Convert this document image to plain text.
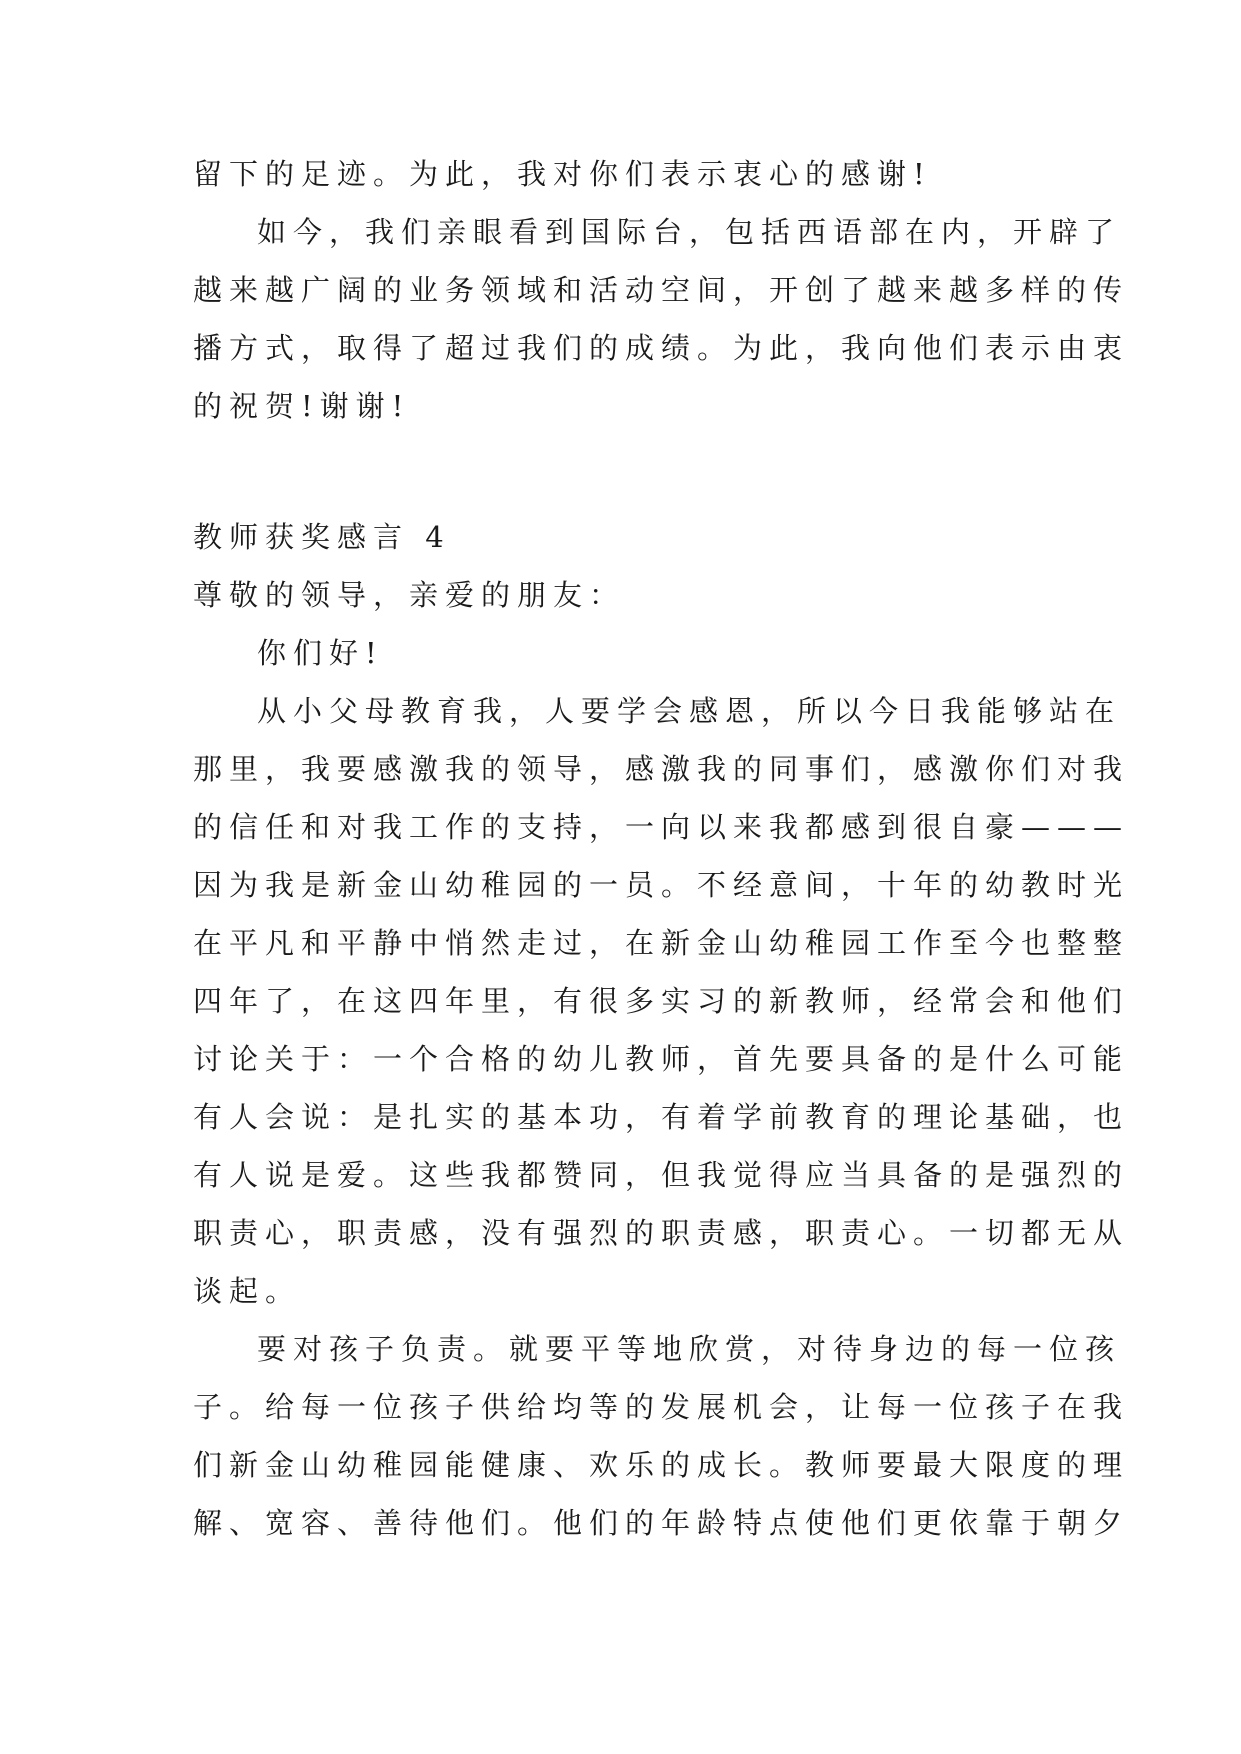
留下的足迹。为此，我对你们表示衷心的感谢!
如今，我们亲眼看到国际台，包括西语部在内，开辟了
越来越广阔的业务领域和活动空间，开创了越来越多样的传
播方式，取得了超过我们的成绩。为此，我向他们表示由衷
的祝贺!谢谢!
教师获奖感言 4
尊敬的领导，亲爱的朋友：
你们好!
从小父母教育我，人要学会感恩，所以今日我能够站在
那里，我要感激我的领导，感激我的同事们，感激你们对我
的信任和对我工作的支持，一向以来我都感到很自豪———
因为我是新金山幼稚园的一员。不经意间，十年的幼教时光
在平凡和平静中悄然走过，在新金山幼稚园工作至今也整整
四年了，在这四年里，有很多实习的新教师，经常会和他们
讨论关于：一个合格的幼儿教师，首先要具备的是什么可能
有人会说：是扎实的基本功，有着学前教育的理论基础，也
有人说是爱。这些我都赞同，但我觉得应当具备的是强烈的
职责心，职责感，没有强烈的职责感，职责心。一切都无从
谈起。
要对孩子负责。就要平等地欣赏，对待身边的每一位孩
子。给每一位孩子供给均等的发展机会，让每一位孩子在我
们新金山幼稚园能健康、欢乐的成长。教师要最大限度的理
解、宽容、善待他们。他们的年龄特点使他们更依靠于朝夕
